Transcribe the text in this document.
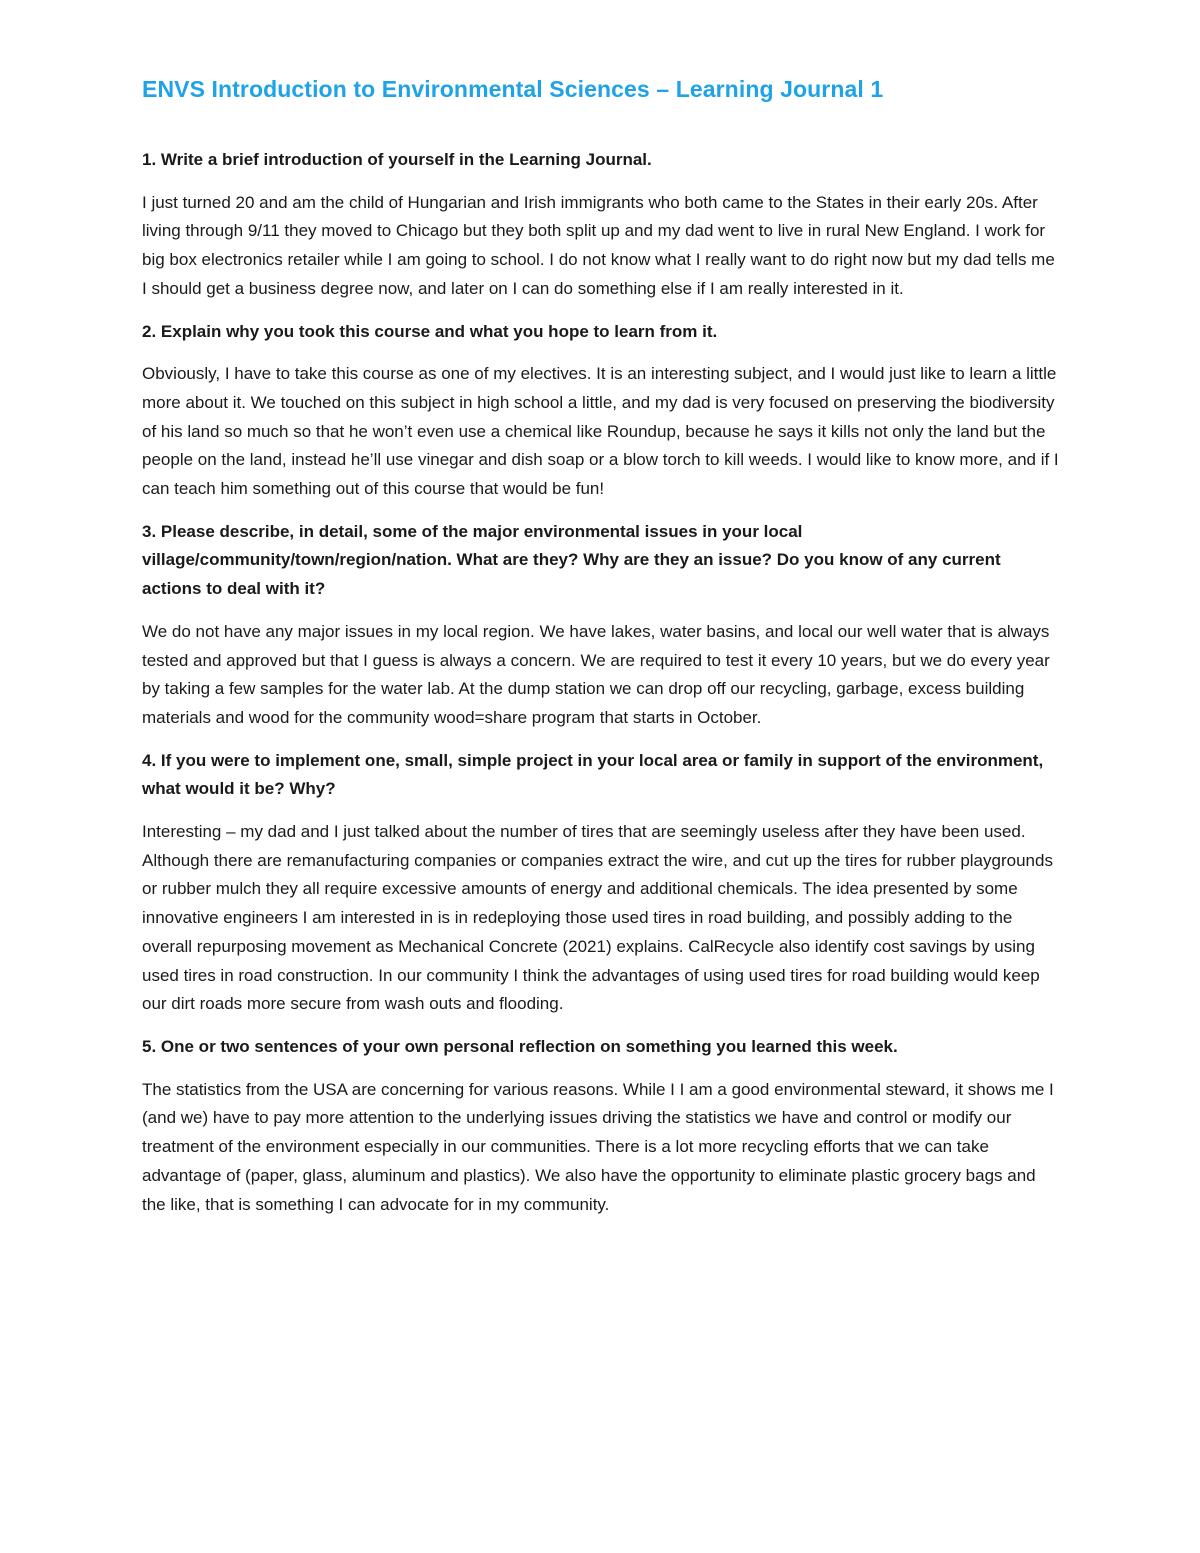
ENVS Introduction to Environmental Sciences – Learning Journal 1

1. Write a brief introduction of yourself in the Learning Journal.

I just turned 20 and am the child of Hungarian and Irish immigrants who both came to the States in their early 20s. After living through 9/11 they moved to Chicago but they both split up and my dad went to live in rural New England. I work for big box electronics retailer while I am going to school. I do not know what I really want to do right now but my dad tells me I should get a business degree now, and later on I can do something else if I am really interested in it.

2. Explain why you took this course and what you hope to learn from it.

Obviously, I have to take this course as one of my electives. It is an interesting subject, and I would just like to learn a little more about it. We touched on this subject in high school a little, and my dad is very focused on preserving the biodiversity of his land so much so that he won’t even use a chemical like Roundup, because he says it kills not only the land but the people on the land, instead he’ll use vinegar and dish soap or a blow torch to kill weeds. I would like to know more, and if I can teach him something out of this course that would be fun!

3. Please describe, in detail, some of the major environmental issues in your local village/community/town/region/nation. What are they? Why are they an issue? Do you know of any current actions to deal with it?

We do not have any major issues in my local region. We have lakes, water basins, and local our well water that is always tested and approved but that I guess is always a concern. We are required to test it every 10 years, but we do every year by taking a few samples for the water lab. At the dump station we can drop off our recycling, garbage, excess building materials and wood for the community wood=share program that starts in October.

4. If you were to implement one, small, simple project in your local area or family in support of the environment, what would it be? Why?

Interesting – my dad and I just talked about the number of tires that are seemingly useless after they have been used. Although there are remanufacturing companies or companies extract the wire, and cut up the tires for rubber playgrounds or rubber mulch they all require excessive amounts of energy and additional chemicals. The idea presented by some innovative engineers I am interested in is in redeploying those used tires in road building, and possibly adding to the overall repurposing movement as Mechanical Concrete (2021) explains. CalRecycle also identify cost savings by using used tires in road construction. In our community I think the advantages of using used tires for road building would keep our dirt roads more secure from wash outs and flooding.

5. One or two sentences of your own personal reflection on something you learned this week.

The statistics from the USA are concerning for various reasons. While I I am a good environmental steward, it shows me I (and we) have to pay more attention to the underlying issues driving the statistics we have and control or modify our treatment of the environment especially in our communities. There is a lot more recycling efforts that we can take advantage of (paper, glass, aluminum and plastics). We also have the opportunity to eliminate plastic grocery bags and the like, that is something I can advocate for in my community.
